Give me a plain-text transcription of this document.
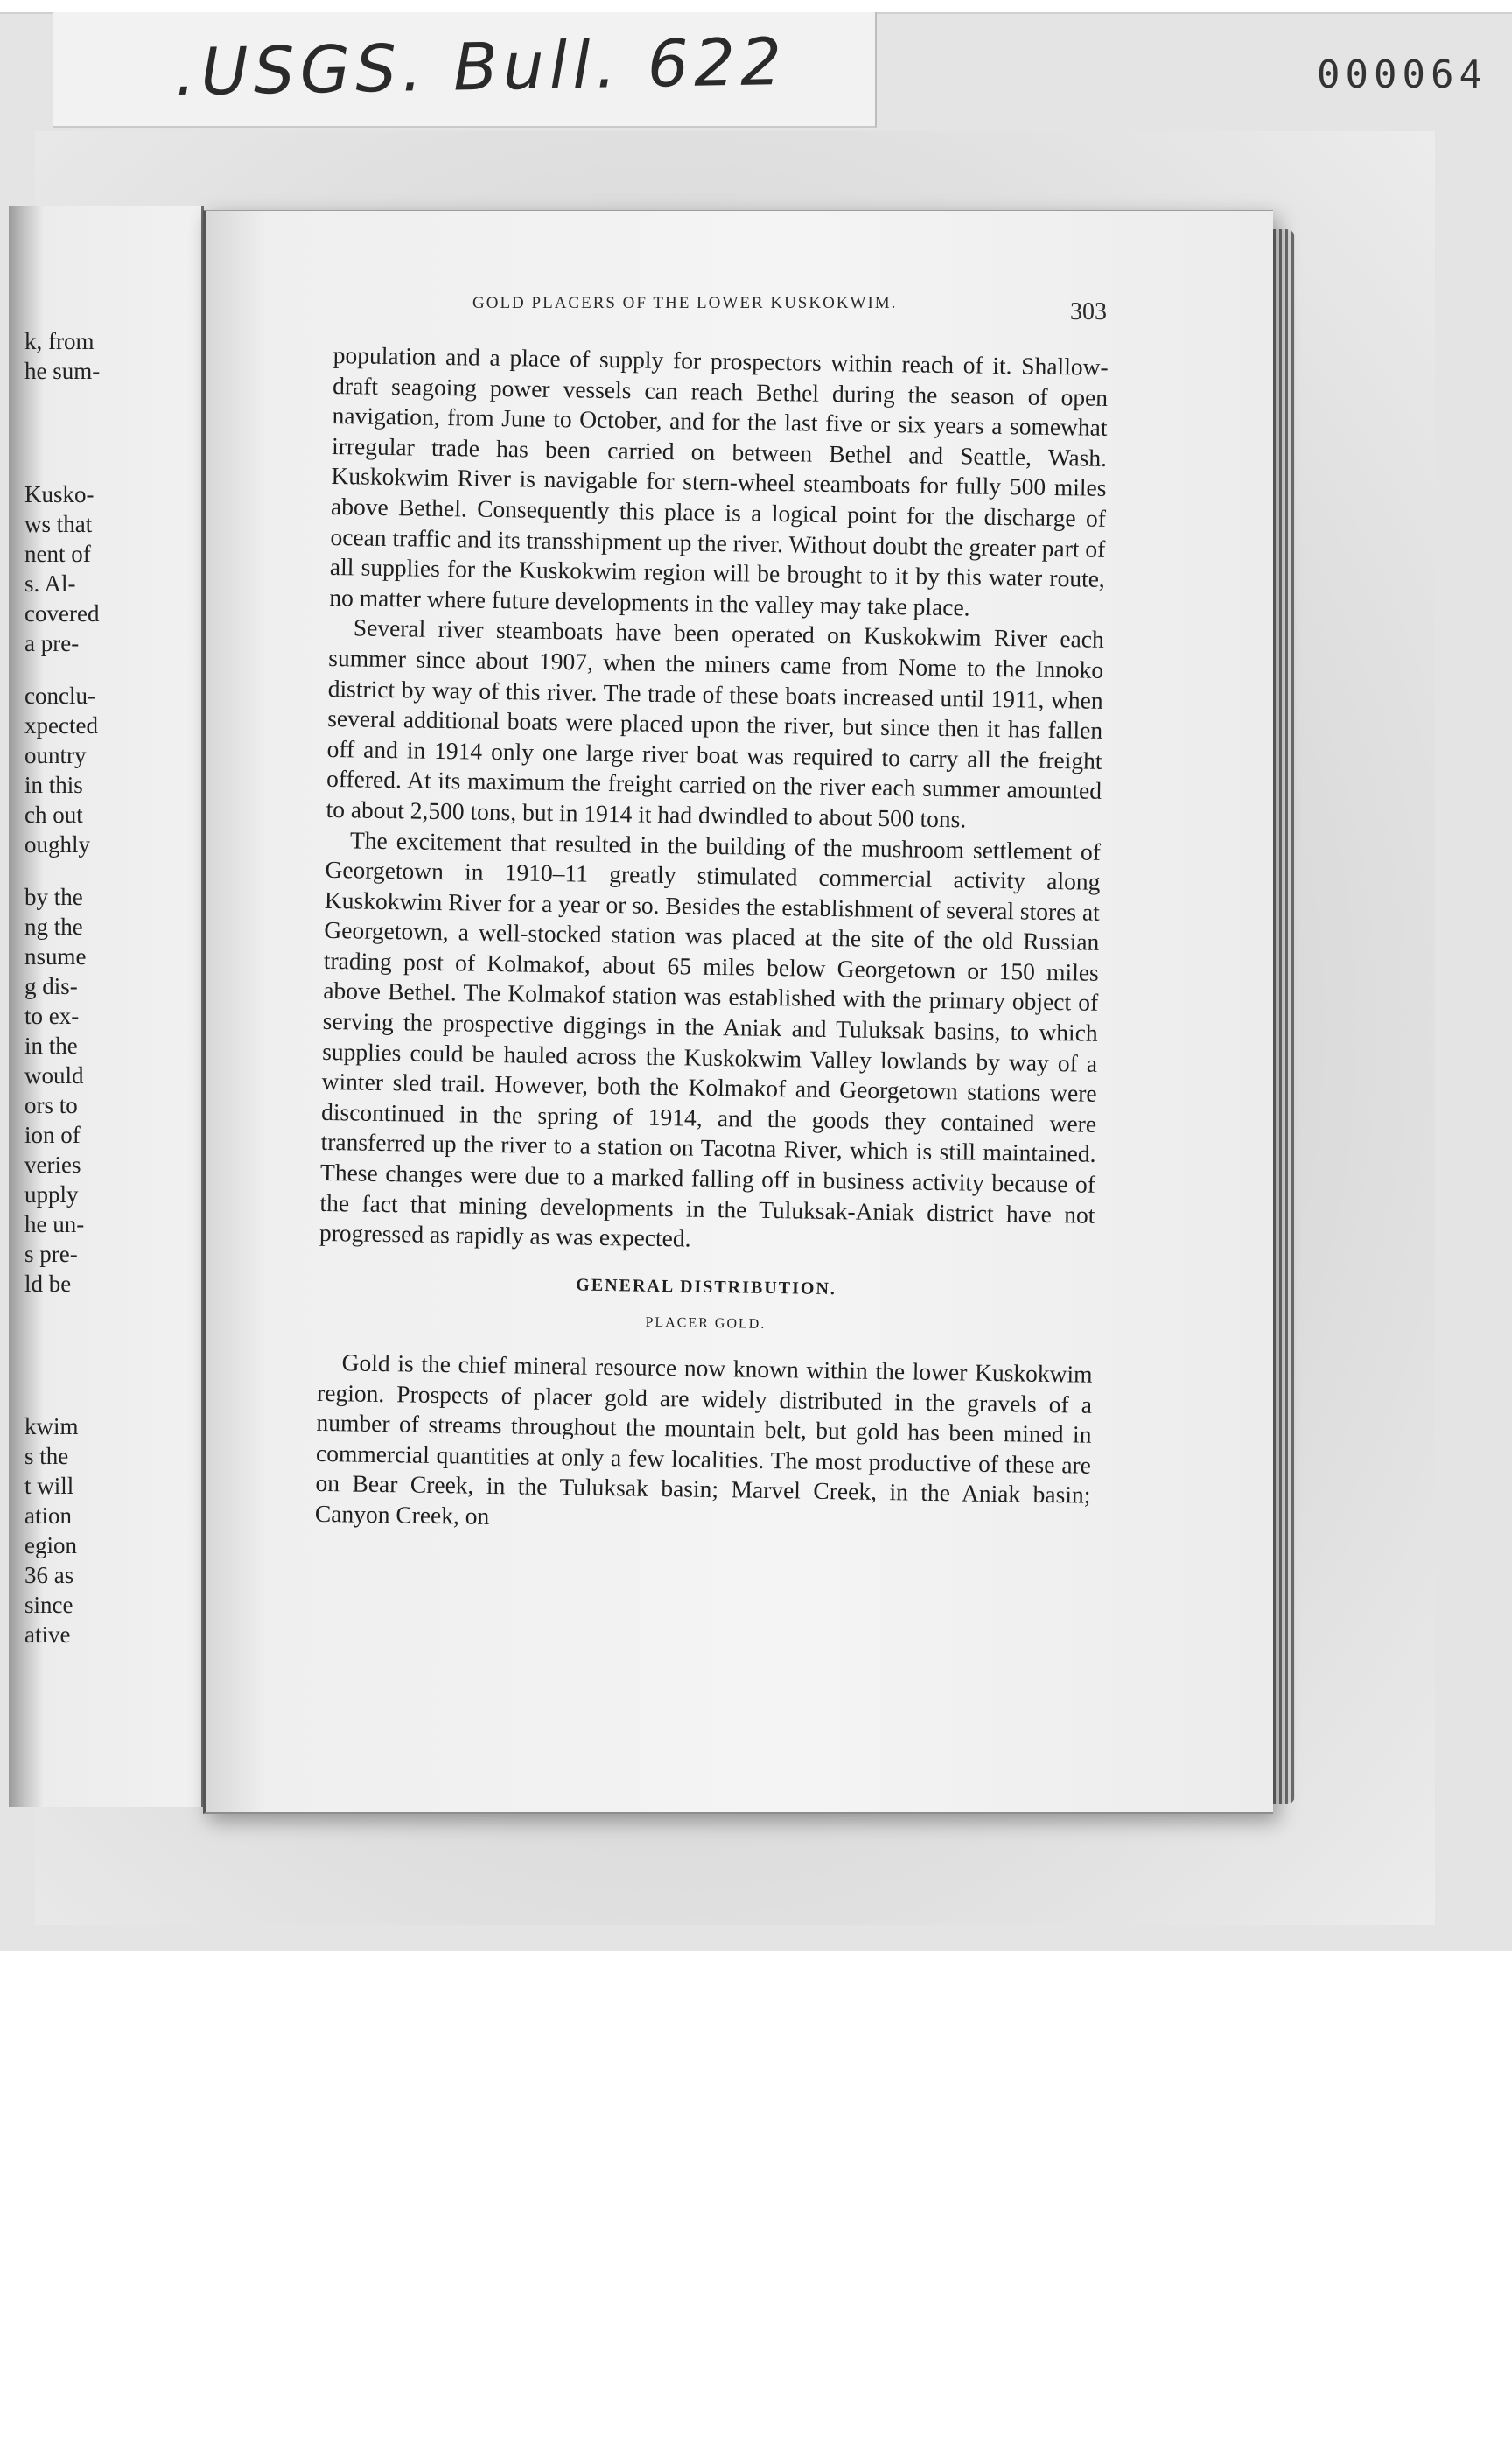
.USGS. Bull. 622	000064
k, from
he sum-
Kusko-
ws that
nent of
s. Al-
covered
a pre-
conclu-
xpected
ountry
in this
ch out
oughly
by the
ng the
nsume
g dis-
to ex-
in the
would
ors to
ion of
veries
upply
he un-
s pre-
ld be
kwim
s the
t will
ation
egion
36 as
since
ative
GOLD PLACERS OF THE LOWER KUSKOKWIM.	303

population and a place of supply for prospectors within reach of it. Shallow-draft seagoing power vessels can reach Bethel during the season of open navigation, from June to October, and for the last five or six years a somewhat irregular trade has been carried on between Bethel and Seattle, Wash. Kuskokwim River is navigable for stern-wheel steamboats for fully 500 miles above Bethel. Consequently this place is a logical point for the discharge of ocean traffic and its transshipment up the river. Without doubt the greater part of all supplies for the Kuskokwim region will be brought to it by this water route, no matter where future developments in the valley may take place.

Several river steamboats have been operated on Kuskokwim River each summer since about 1907, when the miners came from Nome to the Innoko district by way of this river. The trade of these boats increased until 1911, when several additional boats were placed upon the river, but since then it has fallen off and in 1914 only one large river boat was required to carry all the freight offered. At its maximum the freight carried on the river each summer amounted to about 2,500 tons, but in 1914 it had dwindled to about 500 tons.

The excitement that resulted in the building of the mushroom settlement of Georgetown in 1910–11 greatly stimulated commercial activity along Kuskokwim River for a year or so. Besides the establishment of several stores at Georgetown, a well-stocked station was placed at the site of the old Russian trading post of Kolmakof, about 65 miles below Georgetown or 150 miles above Bethel. The Kolmakof station was established with the primary object of serving the prospective diggings in the Aniak and Tuluksak basins, to which supplies could be hauled across the Kuskokwim Valley lowlands by way of a winter sled trail. However, both the Kolmakof and Georgetown stations were discontinued in the spring of 1914, and the goods they contained were transferred up the river to a station on Tacotna River, which is still maintained. These changes were due to a marked falling off in business activity because of the fact that mining developments in the Tuluksak-Aniak district have not progressed as rapidly as was expected.

GENERAL DISTRIBUTION.
PLACER GOLD.

Gold is the chief mineral resource now known within the lower Kuskokwim region. Prospects of placer gold are widely distributed in the gravels of a number of streams throughout the mountain belt, but gold has been mined in commercial quantities at only a few localities. The most productive of these are on Bear Creek, in the Tuluksak basin; Marvel Creek, in the Aniak basin; Canyon Creek, on
